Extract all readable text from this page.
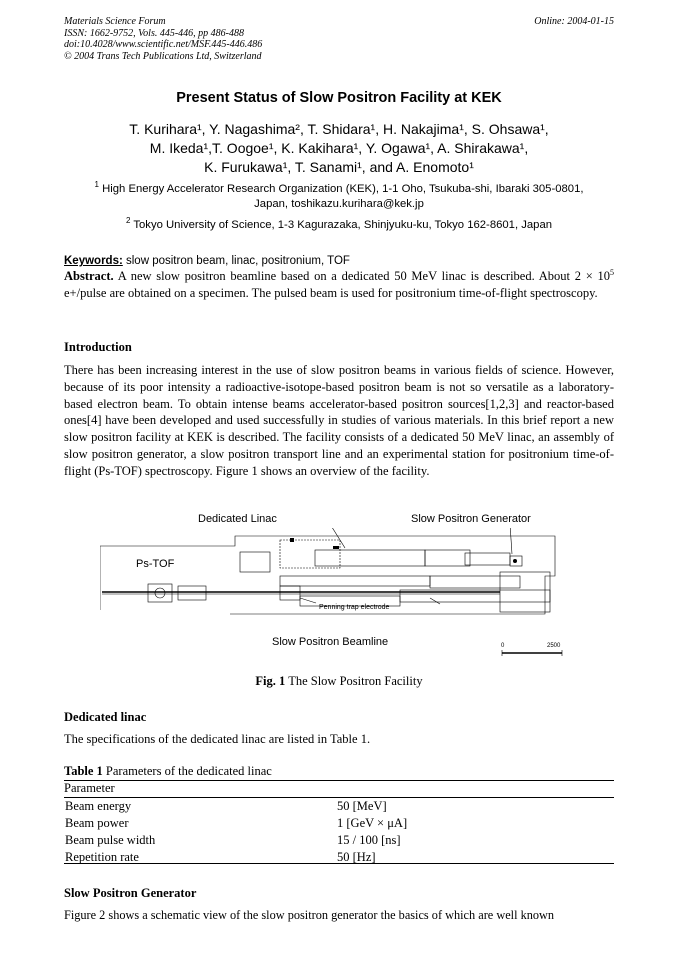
Materials Science Forum
ISSN: 1662-9752, Vols. 445-446, pp 486-488
doi:10.4028/www.scientific.net/MSF.445-446.486
© 2004 Trans Tech Publications Ltd, Switzerland
Online: 2004-01-15
Present Status of Slow Positron Facility at KEK
T. Kurihara¹, Y. Nagashima², T. Shidara¹, H. Nakajima¹, S. Ohsawa¹,
M. Ikeda¹,T. Oogoe¹, K. Kakihara¹, Y. Ogawa¹, A. Shirakawa¹,
K. Furukawa¹, T. Sanami¹, and A. Enomoto¹
$^1$ High Energy Accelerator Research Organization (KEK), 1-1 Oho, Tsukuba-shi, Ibaraki 305-0801,
Japan, toshikazu.kurihara@kek.jp
$^2$ Tokyo University of Science, 1-3 Kagurazaka, Shinjyuku-ku, Tokyo 162-8601, Japan
Keywords: slow positron beam, linac, positronium, TOF
Abstract. A new slow positron beamline based on a dedicated 50 MeV linac is described. About $2 \times 10^5$ e+/pulse are obtained on a specimen. The pulsed beam is used for positronium time-of-flight spectroscopy.
Introduction
There has been increasing interest in the use of slow positron beams in various fields of science. However, because of its poor intensity a radioactive-isotope-based positron beam is not so versatile as a laboratory-based electron beam. To obtain intense beams accelerator-based positron sources[1,2,3] and reactor-based ones[4] have been developed and used successfully in studies of various materials. In this brief report a new slow positron facility at KEK is described. The facility consists of a dedicated 50 MeV linac, an assembly of slow positron generator, a slow positron transport line and an experimental station for positronium time-of-flight (Ps-TOF) spectroscopy. Figure 1 shows an overview of the facility.
Dedicated Linac	Slow Positron Generator
Ps-TOF
Slow Positron Beamline
Penning trap electrode
0	2500
Fig. 1 The Slow Positron Facility
Dedicated linac
The specifications of the dedicated linac are listed in Table 1.
Table 1 Parameters of the dedicated linac
Parameter
Beam energy	50 [MeV]
Beam power	1 [GeV × μA]
Beam pulse width	15 / 100 [ns]
Repetition rate	50 [Hz]
Slow Positron Generator
Figure 2 shows a schematic view of the slow positron generator the basics of which are well known
